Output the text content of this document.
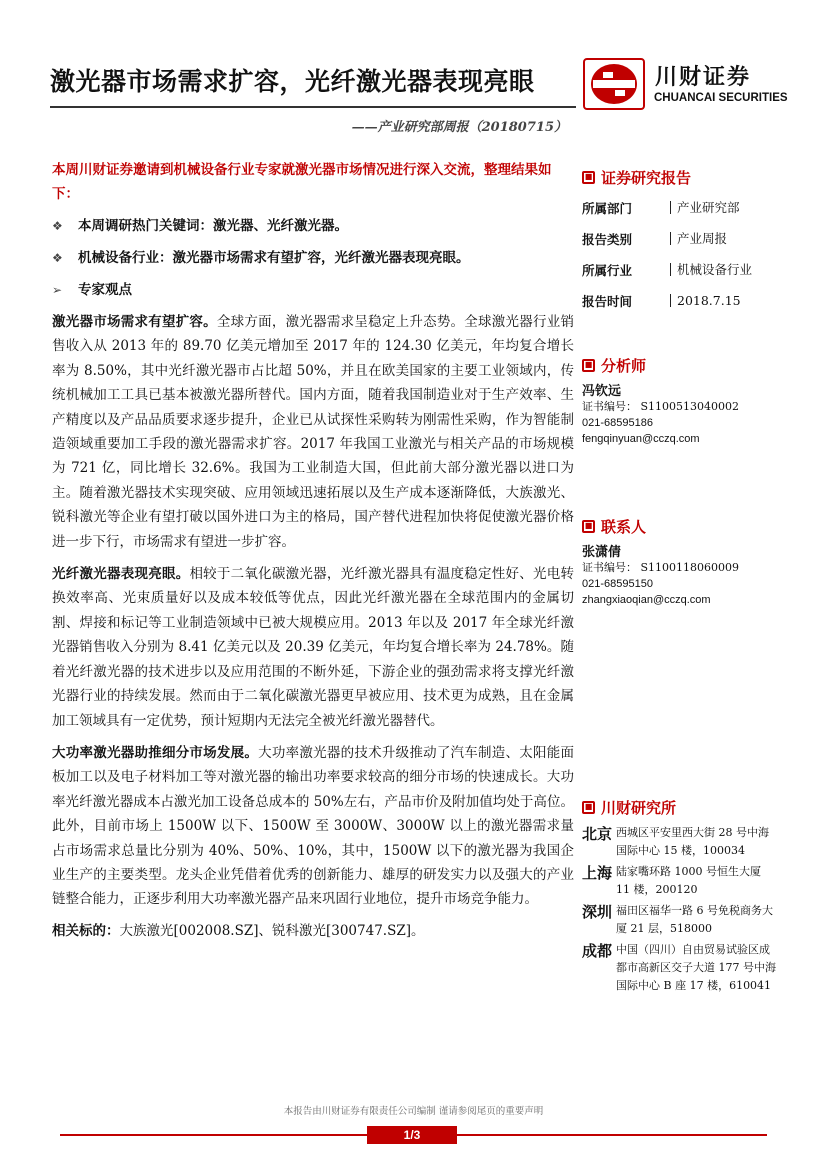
激光器市场需求扩容，光纤激光器表现亮眼
——产业研究部周报（20180715）
川财证券
CHUANCAI SECURITIES
本周川财证券邀请到机械设备行业专家就激光器市场情况进行深入交流，整理结果如下：
❖	本周调研热门关键词：激光器、光纤激光器。
❖	机械设备行业：激光器市场需求有望扩容，光纤激光器表现亮眼。
➢	专家观点

激光器市场需求有望扩容。全球方面，激光器需求呈稳定上升态势。全球激光器行业销售收入从 2013 年的 89.70 亿美元增加至 2017 年的 124.30 亿美元，年均复合增长率为 8.50%，其中光纤激光器市占比超 50%，并且在欧美国家的主要工业领域内，传统机械加工工具已基本被激光器所替代。国内方面，随着我国制造业对于生产效率、生产精度以及产品品质要求逐步提升，企业已从试探性采购转为刚需性采购，作为智能制造领域重要加工手段的激光器需求扩容。2017 年我国工业激光与相关产品的市场规模为 721 亿，同比增长 32.6%。我国为工业制造大国，但此前大部分激光器以进口为主。随着激光器技术实现突破、应用领域迅速拓展以及生产成本逐渐降低，大族激光、锐科激光等企业有望打破以国外进口为主的格局，国产替代进程加快将促使激光器价格进一步下行，市场需求有望进一步扩容。

光纤激光器表现亮眼。相较于二氧化碳激光器，光纤激光器具有温度稳定性好、光电转换效率高、光束质量好以及成本较低等优点，因此光纤激光器在全球范围内的金属切割、焊接和标记等工业制造领域中已被大规模应用。2013 年以及 2017 年全球光纤激光器销售收入分别为 8.41 亿美元以及 20.39 亿美元，年均复合增长率为 24.78%。随着光纤激光器的技术进步以及应用范围的不断外延，下游企业的强劲需求将支撑光纤激光器行业的持续发展。然而由于二氧化碳激光器更早被应用、技术更为成熟，且在金属加工领域具有一定优势，预计短期内无法完全被光纤激光器替代。

大功率激光器助推细分市场发展。大功率激光器的技术升级推动了汽车制造、太阳能面板加工以及电子材料加工等对激光器的输出功率要求较高的细分市场的快速成长。大功率光纤激光器成本占激光加工设备总成本的 50%左右，产品市价及附加值均处于高位。此外，目前市场上 1500W 以下、1500W 至 3000W、3000W 以上的激光器需求量占市场需求总量比分别为 40%、50%、10%，其中，1500W 以下的激光器为我国企业生产的主要类型。龙头企业凭借着优秀的创新能力、雄厚的研发实力以及强大的产业链整合能力，正逐步利用大功率激光器产品来巩固行业地位，提升市场竞争能力。

相关标的：大族激光[002008.SZ]、锐科激光[300747.SZ]。

■ 证券研究报告
所属部门	产业研究部
报告类别	产业周报
所属行业	机械设备行业
报告时间	2018.7.15
■ 分析师
冯钦远
证书编号： S1100513040002
021-68595186
fengqinyuan@cczq.com
■ 联系人
张潇倩
证书编号： S1100118060009
021-68595150
zhangxiaoqian@cczq.com
■ 川财研究所
北京 西城区平安里西大街 28 号中海国际中心 15 楼，100034
上海 陆家嘴环路 1000 号恒生大厦 11 楼，200120
深圳 福田区福华一路 6 号免税商务大厦 21 层，518000
成都 中国（四川）自由贸易试验区成都市高新区交子大道 177 号中海国际中心 B 座 17 楼，610041
本报告由川财证券有限责任公司编制 谨请参阅尾页的重要声明
1/3
